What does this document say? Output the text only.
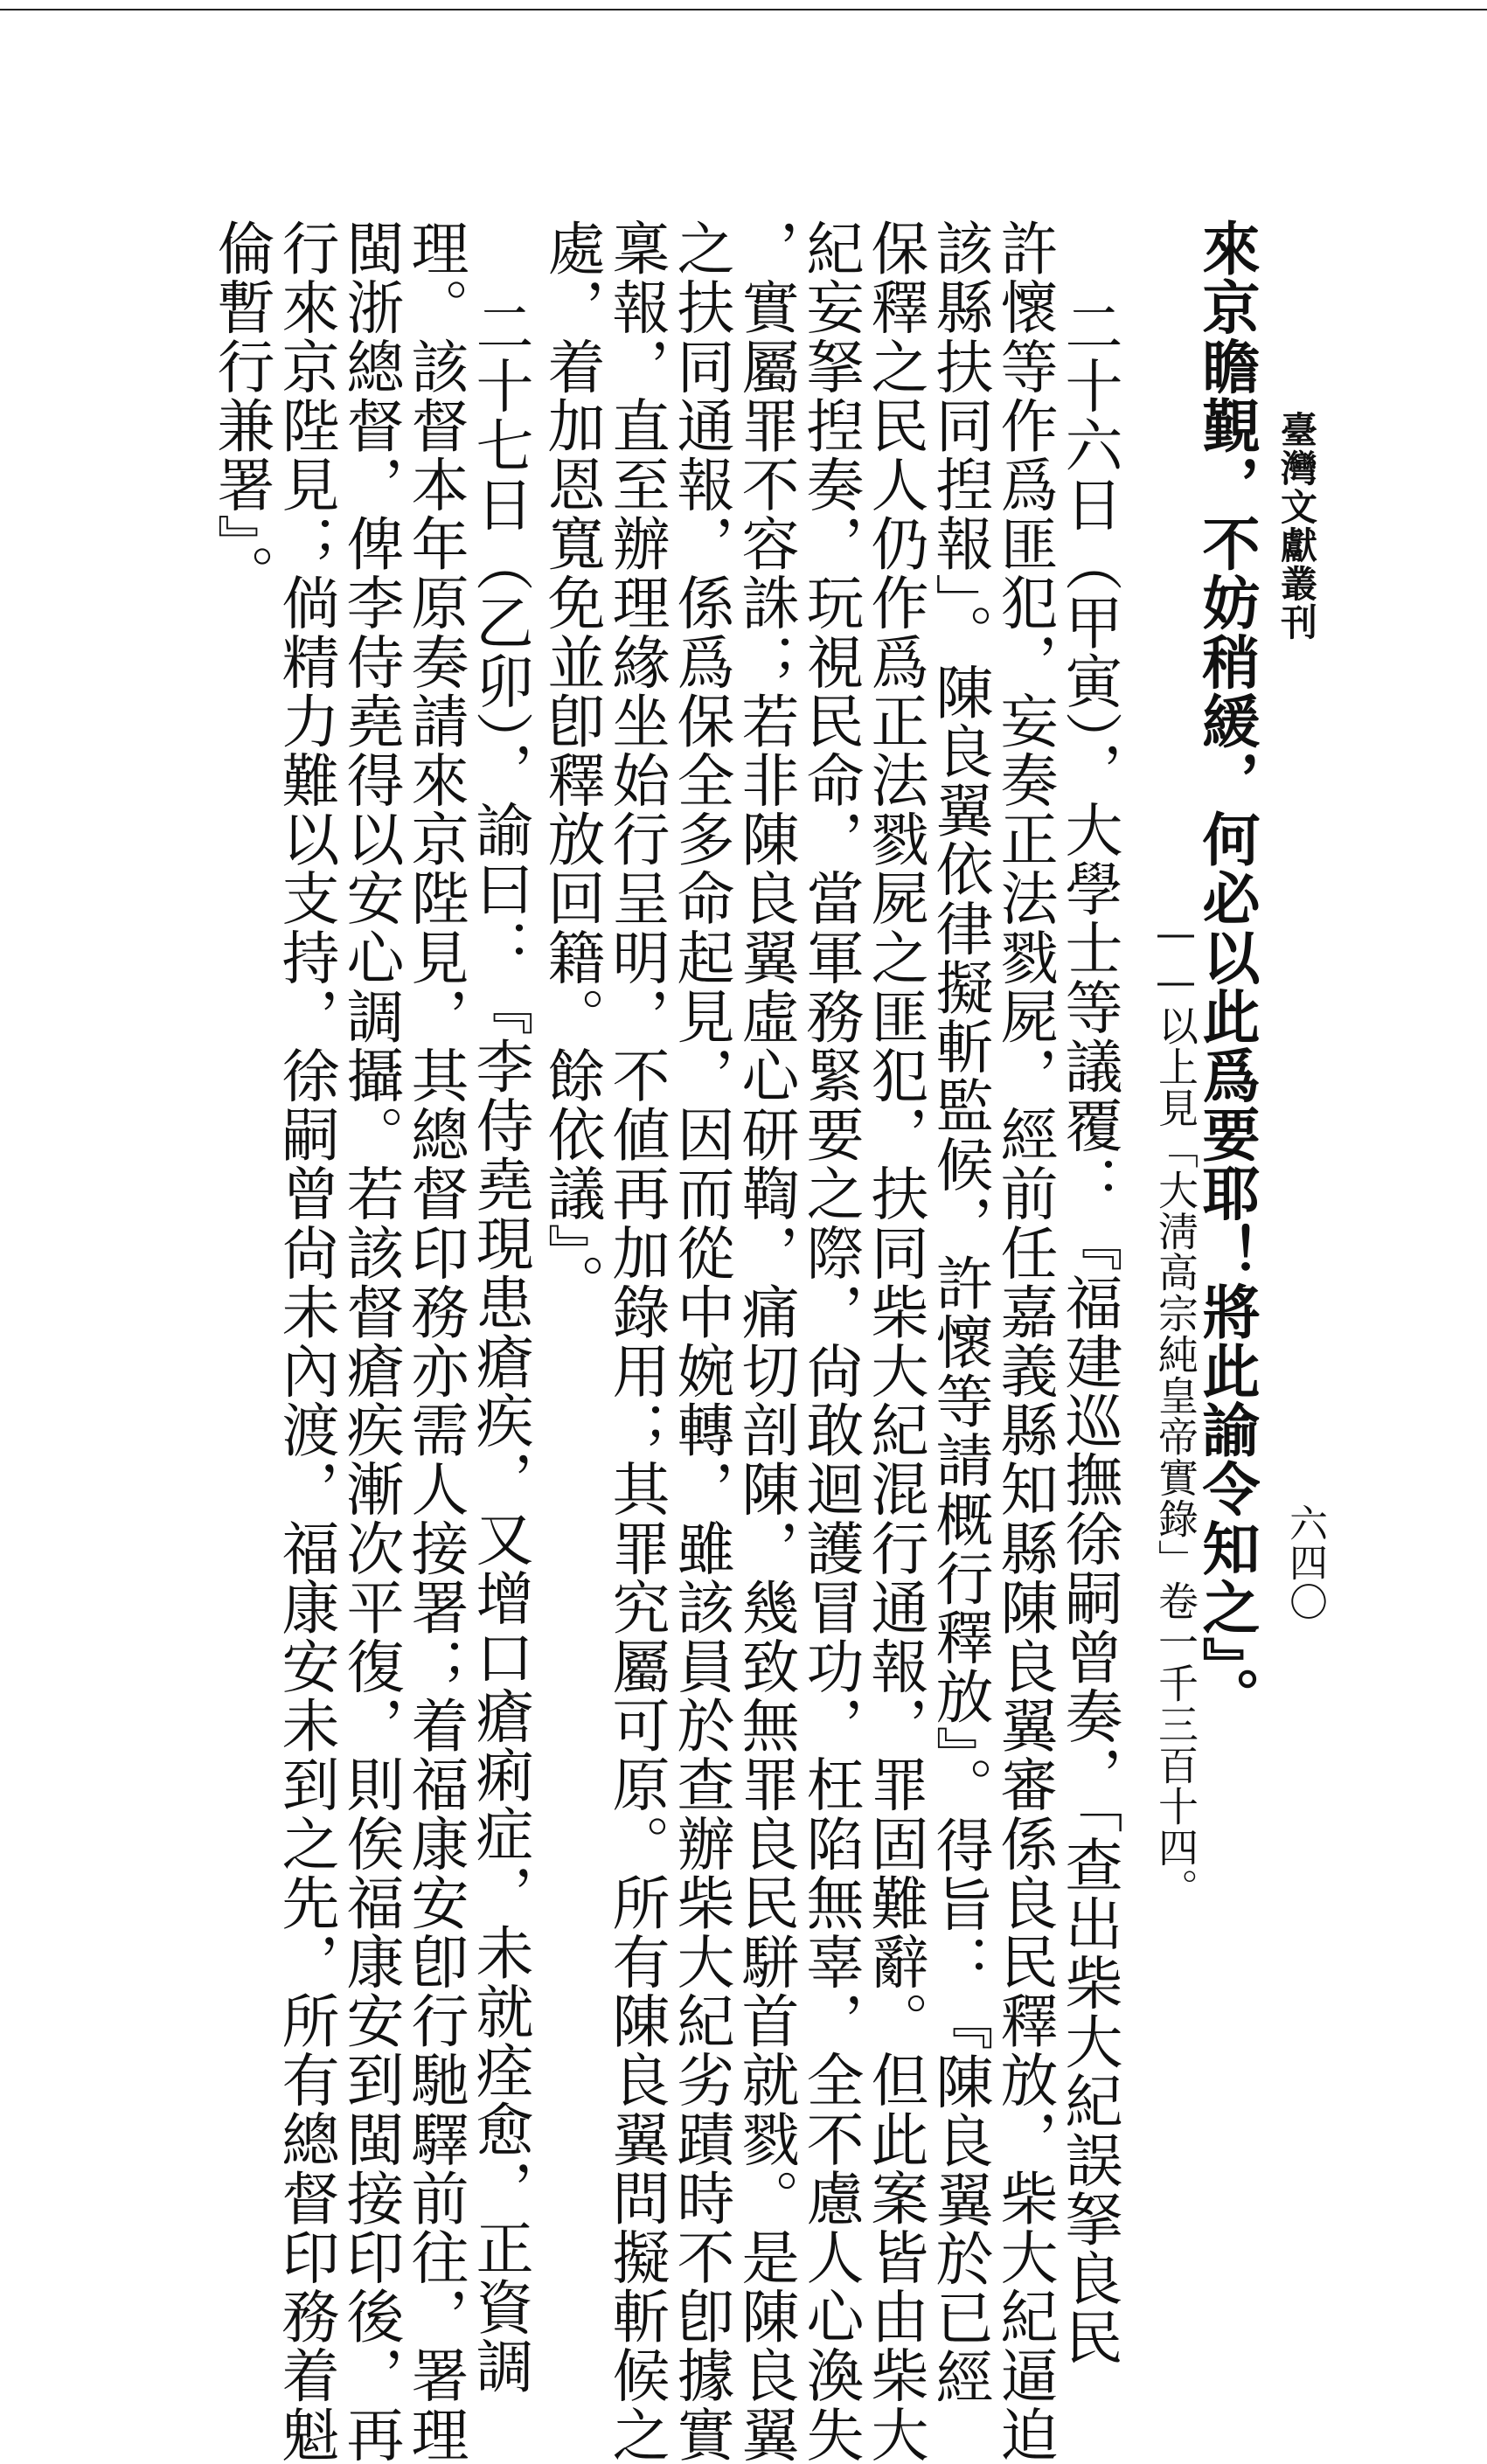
臺灣文獻叢刊
六四〇
來京瞻覲，不妨稍緩，何必以此爲要耶！將此諭令知之』。
——以上見「大淸高宗純皇帝實錄」卷一千三百十四。
二十六日（甲寅），大學士等議覆：『福建巡撫徐嗣曾奏，「查出柴大紀誤拏良民
許懷等作爲匪犯，妄奏正法戮屍，經前任嘉義縣知縣陳良翼審係良民釋放，柴大紀逼迫
該縣扶同揑報」。陳良翼依律擬斬監候，許懷等請概行釋放』。得旨：『陳良翼於已經
保釋之民人仍作爲正法戮屍之匪犯，扶同柴大紀混行通報，罪固難辭。但此案皆由柴大
紀妄拏揑奏，玩視民命，當軍務緊要之際，尙敢迴護冒功，枉陷無辜，全不慮人心渙失
，實屬罪不容誅；若非陳良翼虛心研鞫，痛切剖陳，幾致無罪良民駢首就戮。是陳良翼
之扶同通報，係爲保全多命起見，因而從中婉轉，雖該員於查辦柴大紀劣蹟時不卽據實
稟報，直至辦理緣坐始行呈明，不値再加錄用；其罪究屬可原。所有陳良翼問擬斬候之
處，着加恩寬免並卽釋放回籍。餘依議』。
二十七日（乙卯），諭曰：『李侍堯現患瘡疾，又增口瘡痢症，未就痊愈，正資調
理。該督本年原奏請來京陛見，其總督印務亦需人接署；着福康安卽行馳驛前往，署理
閩浙總督，俾李侍堯得以安心調攝。若該督瘡疾漸次平復，則俟福康安到閩接印後，再
行來京陛見；倘精力難以支持，徐嗣曾尙未內渡，福康安未到之先，所有總督印務着魁
倫暫行兼署』。
